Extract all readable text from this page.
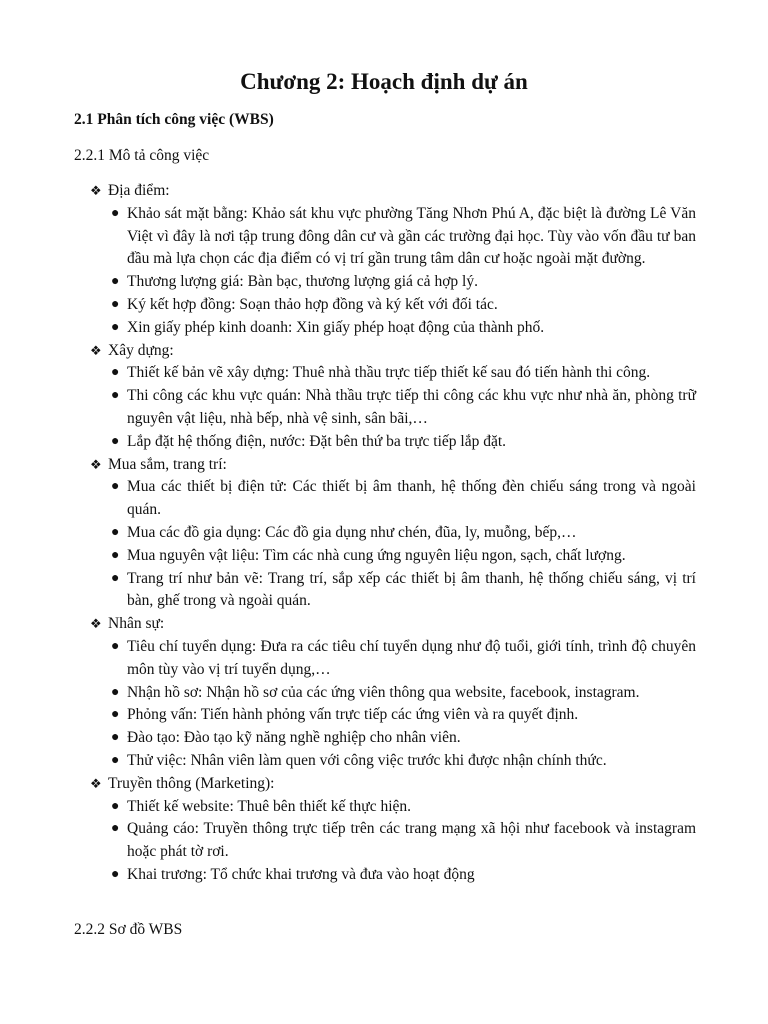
Chương 2: Hoạch định dự án
2.1 Phân tích công việc (WBS)
2.2.1 Mô tả công việc
❖ Địa điểm:
● Khảo sát mặt bằng: Khảo sát khu vực phường Tăng Nhơn Phú A, đặc biệt là đường Lê Văn Việt vì đây là nơi tập trung đông dân cư và gần các trường đại học. Tùy vào vốn đầu tư ban đầu mà lựa chọn các địa điểm có vị trí gần trung tâm dân cư hoặc ngoài mặt đường.
● Thương lượng giá: Bàn bạc, thương lượng giá cả hợp lý.
● Ký kết hợp đồng: Soạn thảo hợp đồng và ký kết với đối tác.
● Xin giấy phép kinh doanh: Xin giấy phép hoạt động của thành phố.
❖ Xây dựng:
● Thiết kế bản vẽ xây dựng: Thuê nhà thầu trực tiếp thiết kế sau đó tiến hành thi công.
● Thi công các khu vực quán: Nhà thầu trực tiếp thi công các khu vực như nhà ăn, phòng trữ nguyên vật liệu, nhà bếp, nhà vệ sinh, sân bãi,…
● Lắp đặt hệ thống điện, nước: Đặt bên thứ ba trực tiếp lắp đặt.
❖ Mua sắm, trang trí:
● Mua các thiết bị điện tử: Các thiết bị âm thanh, hệ thống đèn chiếu sáng trong và ngoài quán.
● Mua các đồ gia dụng: Các đồ gia dụng như chén, đũa, ly, muỗng, bếp,…
● Mua nguyên vật liệu: Tìm các nhà cung ứng nguyên liệu ngon, sạch, chất lượng.
● Trang trí như bản vẽ: Trang trí, sắp xếp các thiết bị âm thanh, hệ thống chiếu sáng, vị trí bàn, ghế trong và ngoài quán.
❖ Nhân sự:
● Tiêu chí tuyển dụng: Đưa ra các tiêu chí tuyển dụng như độ tuổi, giới tính, trình độ chuyên môn tùy vào vị trí tuyển dụng,…
● Nhận hồ sơ: Nhận hồ sơ của các ứng viên thông qua website, facebook, instagram.
● Phỏng vấn: Tiến hành phỏng vấn trực tiếp các ứng viên và ra quyết định.
● Đào tạo: Đào tạo kỹ năng nghề nghiệp cho nhân viên.
● Thử việc: Nhân viên làm quen với công việc trước khi được nhận chính thức.
❖ Truyền thông (Marketing):
● Thiết kế website: Thuê bên thiết kế thực hiện.
● Quảng cáo: Truyền thông trực tiếp trên các trang mạng xã hội như facebook và instagram hoặc phát tờ rơi.
● Khai trương: Tổ chức khai trương và đưa vào hoạt động
2.2.2 Sơ đồ WBS
